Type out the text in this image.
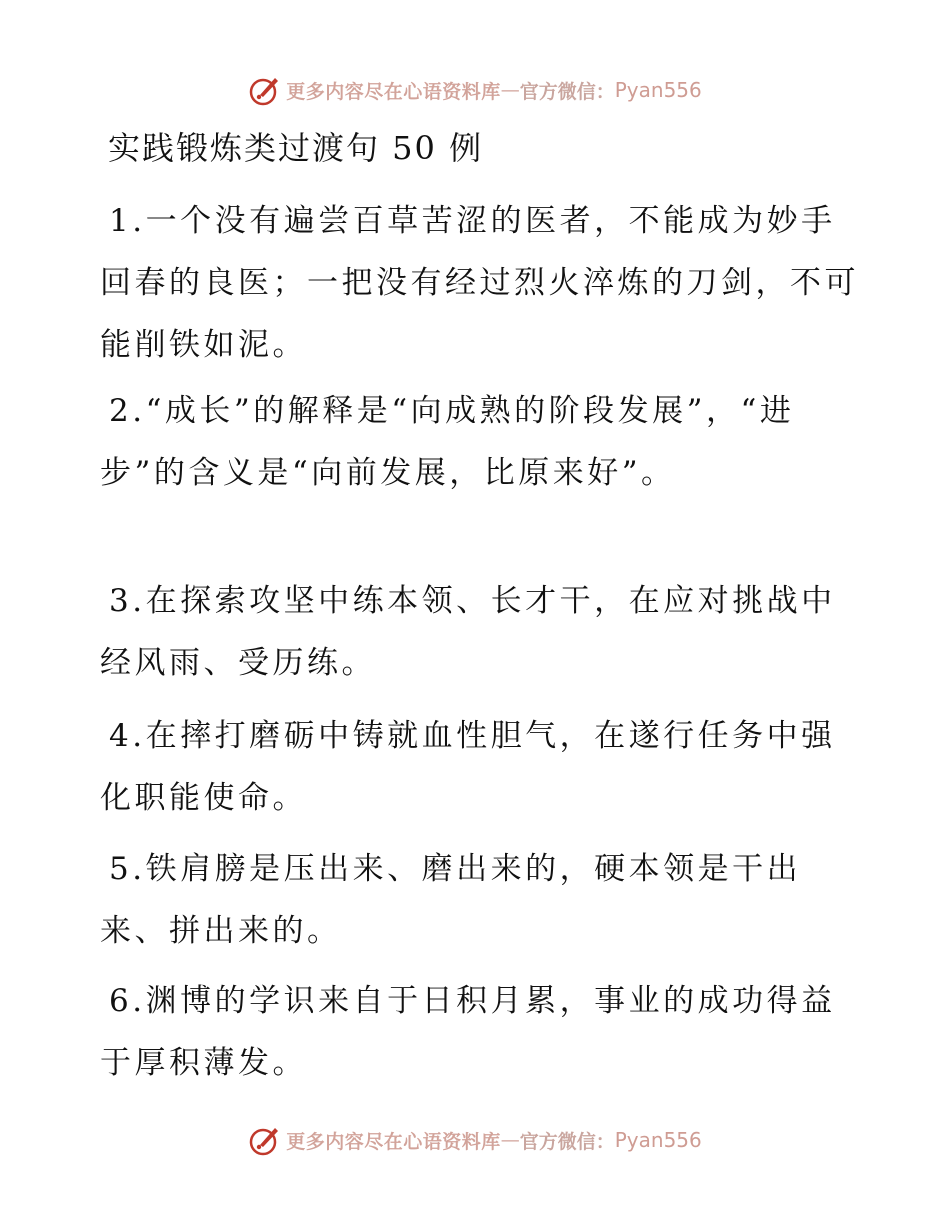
更多内容尽在心语资料库 — 官方微信： Pyan556
实践锻炼类过渡句 50 例
1.一个没有遍尝百草苦涩的医者，不能成为妙手回春的良医；一把没有经过烈火淬炼的刀剑，不可能削铁如泥。
2.“成长”的解释是“向成熟的阶段发展”，“进步”的含义是“向前发展，比原来好”。
3.在探索攻坚中练本领、长才干，在应对挑战中经风雨、受历练。
4.在摔打磨砺中铸就血性胆气，在遂行任务中强化职能使命。
5.铁肩膀是压出来、磨出来的，硬本领是干出来、拼出来的。
6.渊博的学识来自于日积月累，事业的成功得益于厚积薄发。
更多内容尽在心语资料库 — 官方微信： Pyan556
